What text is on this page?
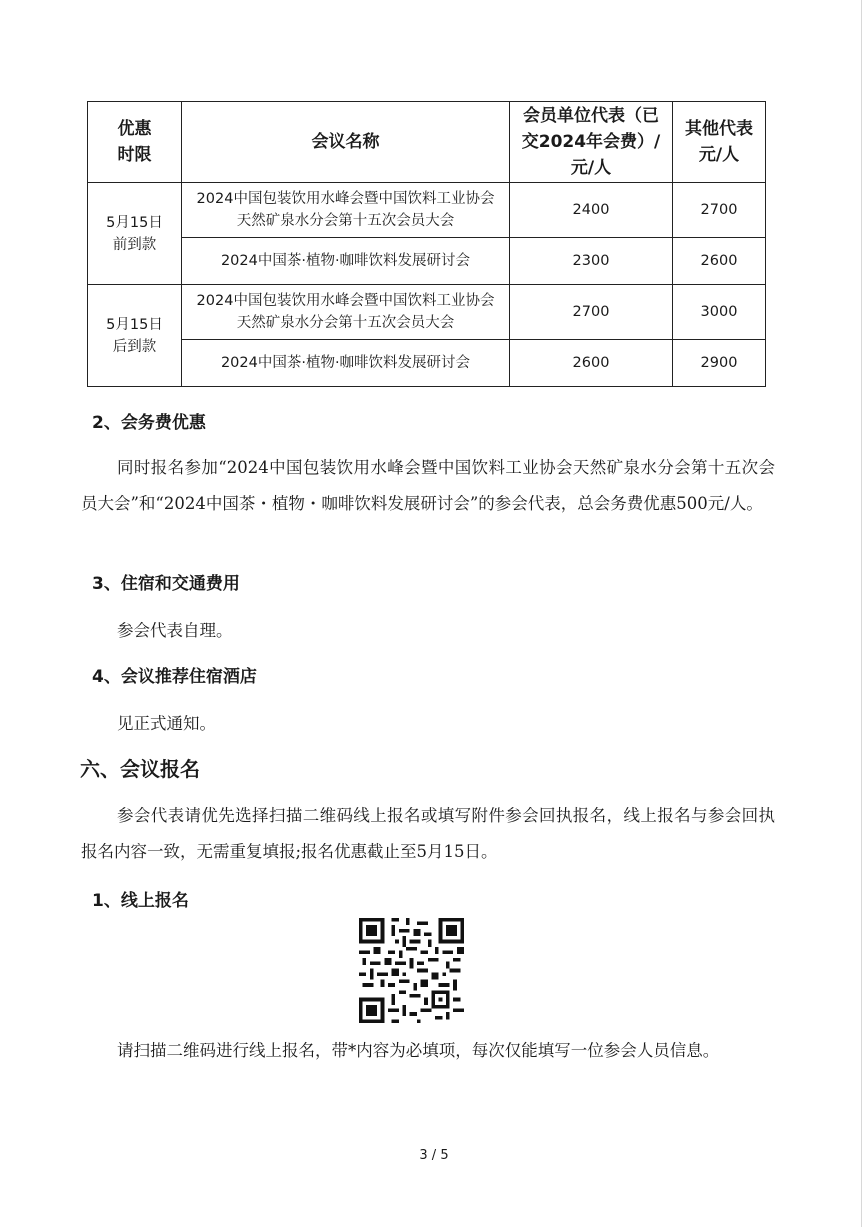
优惠时限	会议名称	会员单位代表（已交2024年会费）/元/人	其他代表元/人
5月15日前到款	2024中国包装饮用水峰会暨中国饮料工业协会天然矿泉水分会第十五次会员大会	2400	2700
	2024中国茶·植物·咖啡饮料发展研讨会	2300	2600
5月15日后到款	2024中国包装饮用水峰会暨中国饮料工业协会天然矿泉水分会第十五次会员大会	2700	3000
	2024中国茶·植物·咖啡饮料发展研讨会	2600	2900
2、会务费优惠
同时报名参加“2024中国包装饮用水峰会暨中国饮料工业协会天然矿泉水分会第十五次会员大会”和“2024中国茶・植物・咖啡饮料发展研讨会”的参会代表，总会务费优惠500元/人。
3、住宿和交通费用
参会代表自理。
4、会议推荐住宿酒店
见正式通知。
六、会议报名
参会代表请优先选择扫描二维码线上报名或填写附件参会回执报名，线上报名与参会回执报名内容一致，无需重复填报;报名优惠截止至5月15日。
1、线上报名
请扫描二维码进行线上报名，带*内容为必填项，每次仅能填写一位参会人员信息。
3 / 5
